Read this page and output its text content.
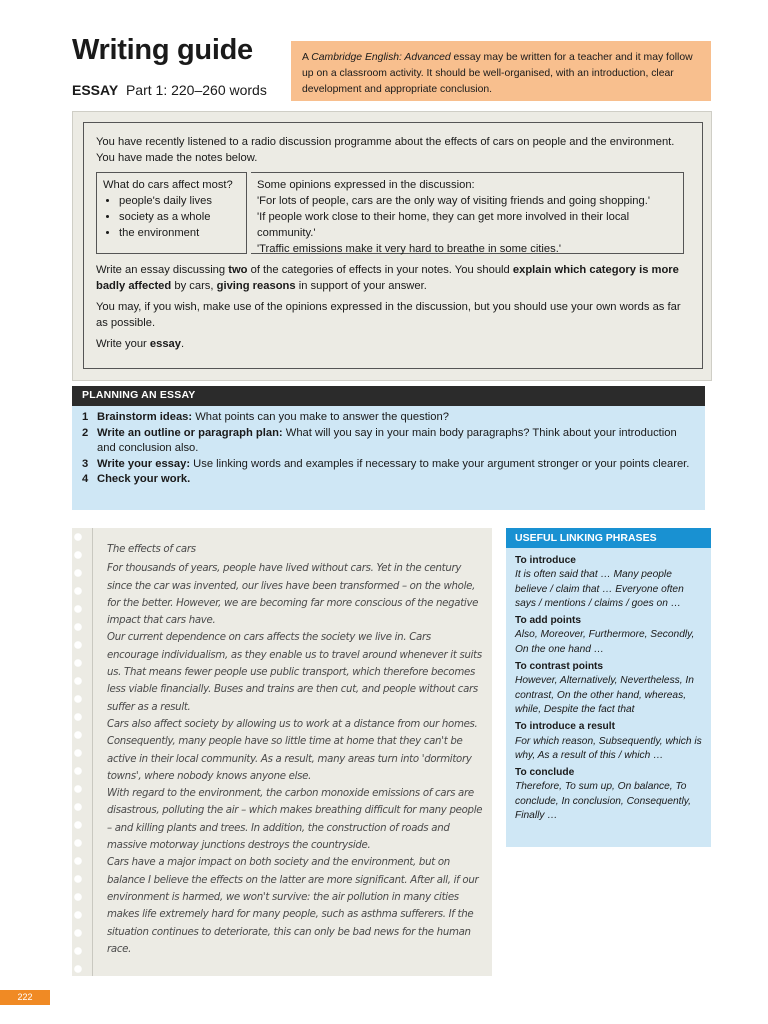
Writing guide
ESSAY Part 1: 220–260 words
A Cambridge English: Advanced essay may be written for a teacher and it may follow up on a classroom activity. It should be well-organised, with an introduction, clear development and appropriate conclusion.

You have recently listened to a radio discussion programme about the effects of cars on people and the environment. You have made the notes below.

What do cars affect most?
• people's daily lives
• society as a whole
• the environment
Some opinions expressed in the discussion:
'For lots of people, cars are the only way of visiting friends and going shopping.'
'If people work close to their home, they can get more involved in their local community.'
'Traffic emissions make it very hard to breathe in some cities.'

Write an essay discussing two of the categories of effects in your notes. You should explain which category is more badly affected by cars, giving reasons in support of your answer.

You may, if you wish, make use of the opinions expressed in the discussion, but you should use your own words as far as possible.

Write your essay.

PLANNING AN ESSAY
1 Brainstorm ideas: What points can you make to answer the question?
2 Write an outline or paragraph plan: What will you say in your main body paragraphs? Think about your introduction and conclusion also.
3 Write your essay: Use linking words and examples if necessary to make your argument stronger or your points clearer.
4 Check your work.

The effects of cars

For thousands of years, people have lived without cars. Yet in the century since the car was invented, our lives have been transformed – on the whole, for the better. However, we are becoming far more conscious of the negative impact that cars have.

Our current dependence on cars affects the society we live in. Cars encourage individualism, as they enable us to travel around whenever it suits us. That means fewer people use public transport, which therefore becomes less viable financially. Buses and trains are then cut, and people without cars suffer as a result.

Cars also affect society by allowing us to work at a distance from our homes. Consequently, many people have so little time at home that they can't be active in their local community. As a result, many areas turn into 'dormitory towns', where nobody knows anyone else.

With regard to the environment, the carbon monoxide emissions of cars are disastrous, polluting the air – which makes breathing difficult for many people – and killing plants and trees. In addition, the construction of roads and massive motorway junctions destroys the countryside.

Cars have a major impact on both society and the environment, but on balance I believe the effects on the latter are more significant. After all, if our environment is harmed, we won't survive: the air pollution in many cities makes life extremely hard for many people, such as asthma sufferers. If the situation continues to deteriorate, this can only be bad news for the human race.

USEFUL LINKING PHRASES
To introduce
It is often said that … Many people believe / claim that … Everyone often says / mentions / claims / goes on …
To add points
Also, Moreover, Furthermore, Secondly, On the one hand …
To contrast points
However, Alternatively, Nevertheless, In contrast, On the other hand, whereas, while, Despite the fact that
To introduce a result
For which reason, Subsequently, which is why, As a result of this / which …
To conclude
Therefore, To sum up, On balance, To conclude, In conclusion, Consequently, Finally …
222
